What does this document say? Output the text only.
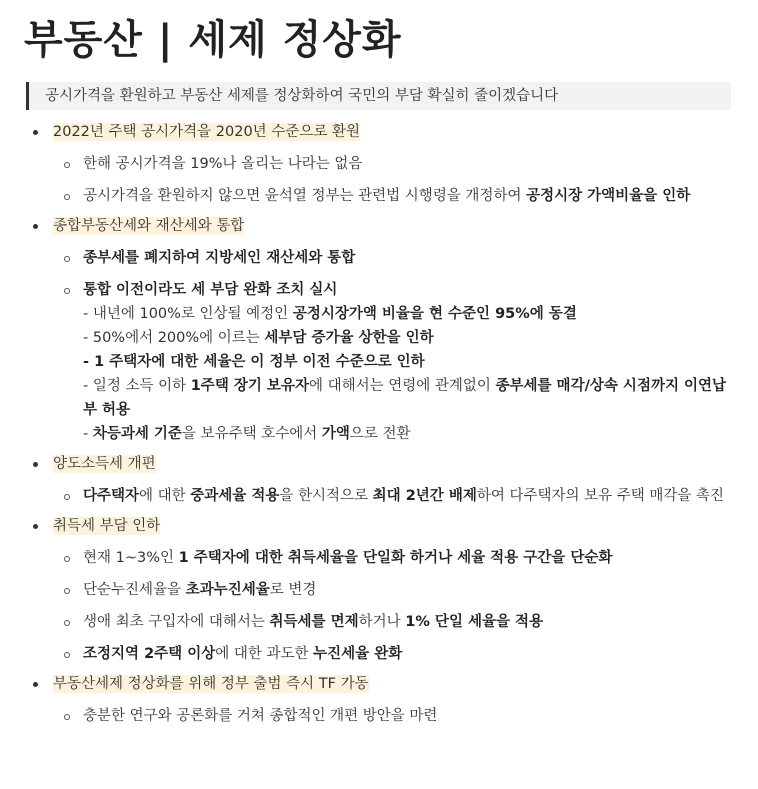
부동산 | 세제 정상화
공시가격을 환원하고 부동산 세제를 정상화하여 국민의 부담 확실히 줄이겠습니다
2022년 주택 공시가격을 2020년 수준으로 환원
한해 공시가격을 19%나 올리는 나라는 없음
공시가격을 환원하지 않으면 윤석열 정부는 관련법 시행령을 개정하여 공정시장 가액비율을 인하
종합부동산세와 재산세와 통합
종부세를 폐지하여 지방세인 재산세와 통합
통합 이전이라도 세 부담 완화 조치 실시
- 내년에 100%로 인상될 예정인 공정시장가액 비율을 현 수준인 95%에 동결
- 50%에서 200%에 이르는 세부담 증가율 상한을 인하
- 1 주택자에 대한 세율은 이 정부 이전 수준으로 인하
- 일정 소득 이하 1주택 장기 보유자에 대해서는 연령에 관계없이 종부세를 매각/상속 시점까지 이연납부 허용
- 차등과세 기준을 보유주택 호수에서 가액으로 전환
양도소득세 개편
다주택자에 대한 중과세율 적용을 한시적으로 최대 2년간 배제하여 다주택자의 보유 주택 매각을 촉진
취득세 부담 인하
현재 1~3%인 1 주택자에 대한 취득세율을 단일화 하거나 세율 적용 구간을 단순화
단순누진세율을 초과누진세율로 변경
생애 최초 구입자에 대해서는 취득세를 면제하거나 1% 단일 세율을 적용
조정지역 2주택 이상에 대한 과도한 누진세율 완화
부동산세제 정상화를 위해 정부 출범 즉시 TF 가동
충분한 연구와 공론화를 거쳐 종합적인 개편 방안을 마련
